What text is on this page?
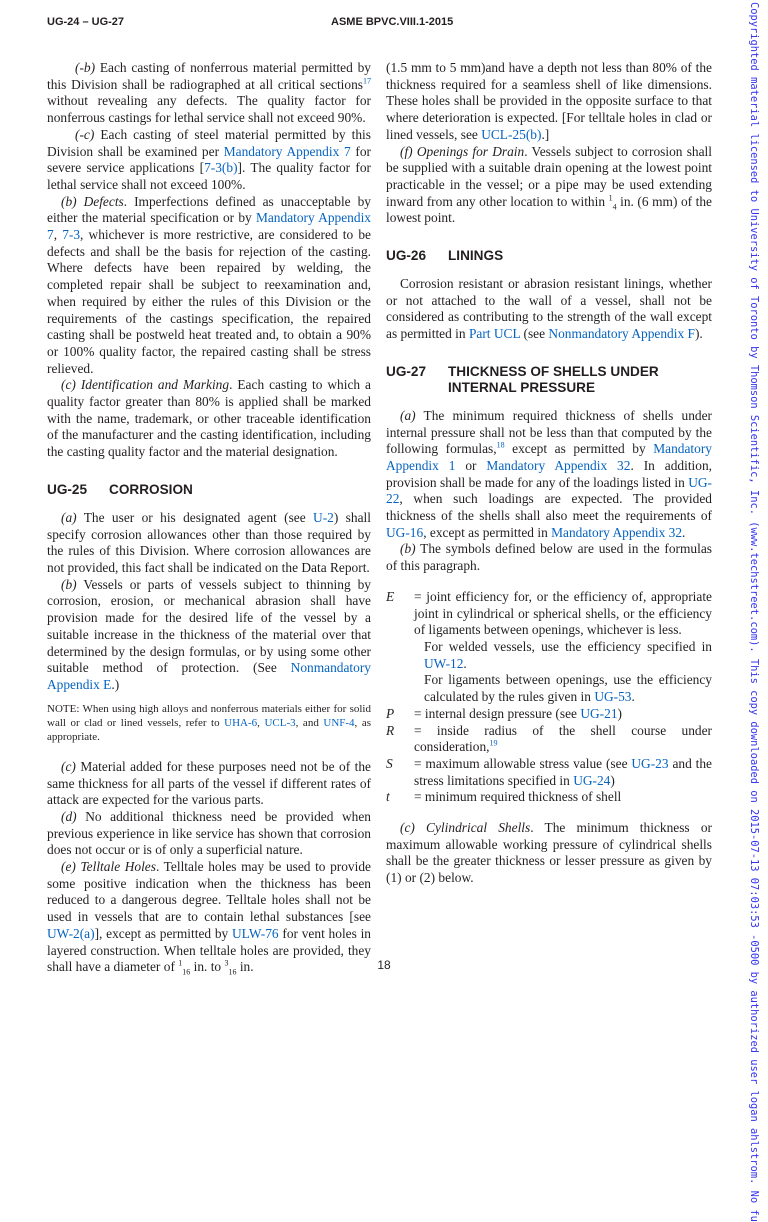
UG-24 – UG-27	ASME BPVC.VIII.1-2015

(-b) Each casting of nonferrous material permitted by this Division shall be radiographed at all critical sections$^{17}$ without revealing any defects. The quality factor for nonferrous castings for lethal service shall not exceed 90%.

(-c) Each casting of steel material permitted by this Division shall be examined per Mandatory Appendix 7 for severe service applications [7-3(b)]. The quality factor for lethal service shall not exceed 100%.

(b) Defects. Imperfections defined as unacceptable by either the material specification or by Mandatory Appendix 7, 7-3, whichever is more restrictive, are considered to be defects and shall be the basis for rejection of the casting. Where defects have been repaired by welding, the completed repair shall be subject to reexamination and, when required by either the rules of this Division or the requirements of the castings specification, the repaired casting shall be postweld heat treated and, to obtain a 90% or 100% quality factor, the repaired casting shall be stress relieved.

(c) Identification and Marking. Each casting to which a quality factor greater than 80% is applied shall be marked with the name, trademark, or other traceable identification of the manufacturer and the casting identification, including the casting quality factor and the material designation.

UG-25	CORROSION

(a) The user or his designated agent (see U-2) shall specify corrosion allowances other than those required by the rules of this Division. Where corrosion allowances are not provided, this fact shall be indicated on the Data Report.

(b) Vessels or parts of vessels subject to thinning by corrosion, erosion, or mechanical abrasion shall have provision made for the desired life of the vessel by a suitable increase in the thickness of the material over that determined by the design formulas, or by using some other suitable method of protection. (See Nonmandatory Appendix E.)

NOTE: When using high alloys and nonferrous materials either for solid wall or clad or lined vessels, refer to UHA-6, UCL-3, and UNF-4, as appropriate.

(c) Material added for these purposes need not be of the same thickness for all parts of the vessel if different rates of attack are expected for the various parts.

(d) No additional thickness need be provided when previous experience in like service has shown that corrosion does not occur or is of only a superficial nature.

(e) Telltale Holes. Telltale holes may be used to provide some positive indication when the thickness has been reduced to a dangerous degree. Telltale holes shall not be used in vessels that are to contain lethal substances [see UW-2(a)], except as permitted by ULW-76 for vent holes in layered construction. When telltale holes are provided, they shall have a diameter of $^1_{16}$ in. to $^3_{16}$ in.

(1.5 mm to 5 mm)and have a depth not less than 80% of the thickness required for a seamless shell of like dimensions. These holes shall be provided in the opposite surface to that where deterioration is expected. [For telltale holes in clad or lined vessels, see UCL-25(b).]

(f) Openings for Drain. Vessels subject to corrosion shall be supplied with a suitable drain opening at the lowest point practicable in the vessel; or a pipe may be used extending inward from any other location to within $^1_4$ in. (6 mm) of the lowest point.

UG-26	LININGS

Corrosion resistant or abrasion resistant linings, whether or not attached to the wall of a vessel, shall not be considered as contributing to the strength of the wall except as permitted in Part UCL (see Nonmandatory Appendix F).

UG-27	THICKNESS OF SHELLS UNDER INTERNAL PRESSURE

(a) The minimum required thickness of shells under internal pressure shall not be less than that computed by the following formulas,$^{18}$ except as permitted by Mandatory Appendix 1 or Mandatory Appendix 32. In addition, provision shall be made for any of the loadings listed in UG-22, when such loadings are expected. The provided thickness of the shells shall also meet the requirements of UG-16, except as permitted in Mandatory Appendix 32.

(b) The symbols defined below are used in the formulas of this paragraph.

E	= joint efficiency for, or the efficiency of, appropriate joint in cylindrical or spherical shells, or the efficiency of ligaments between openings, whichever is less.
For welded vessels, use the efficiency specified in UW-12.
For ligaments between openings, use the efficiency calculated by the rules given in UG-53.
P	= internal design pressure (see UG-21)
R	= inside radius of the shell course under consideration,$^{19}$
S	= maximum allowable stress value (see UG-23 and the stress limitations specified in UG-24)
t	= minimum required thickness of shell

(c) Cylindrical Shells. The minimum thickness or maximum allowable working pressure of cylindrical shells shall be the greater thickness or lesser pressure as given by (1) or (2) below.

18	Copyrighted material licensed to University of Toronto by Thomson Scientific, Inc. (www.techstreet.com). This copy downloaded on 2015-07-13 07:03:53 -0500 by authorized user logan ahlstrom. No fu
